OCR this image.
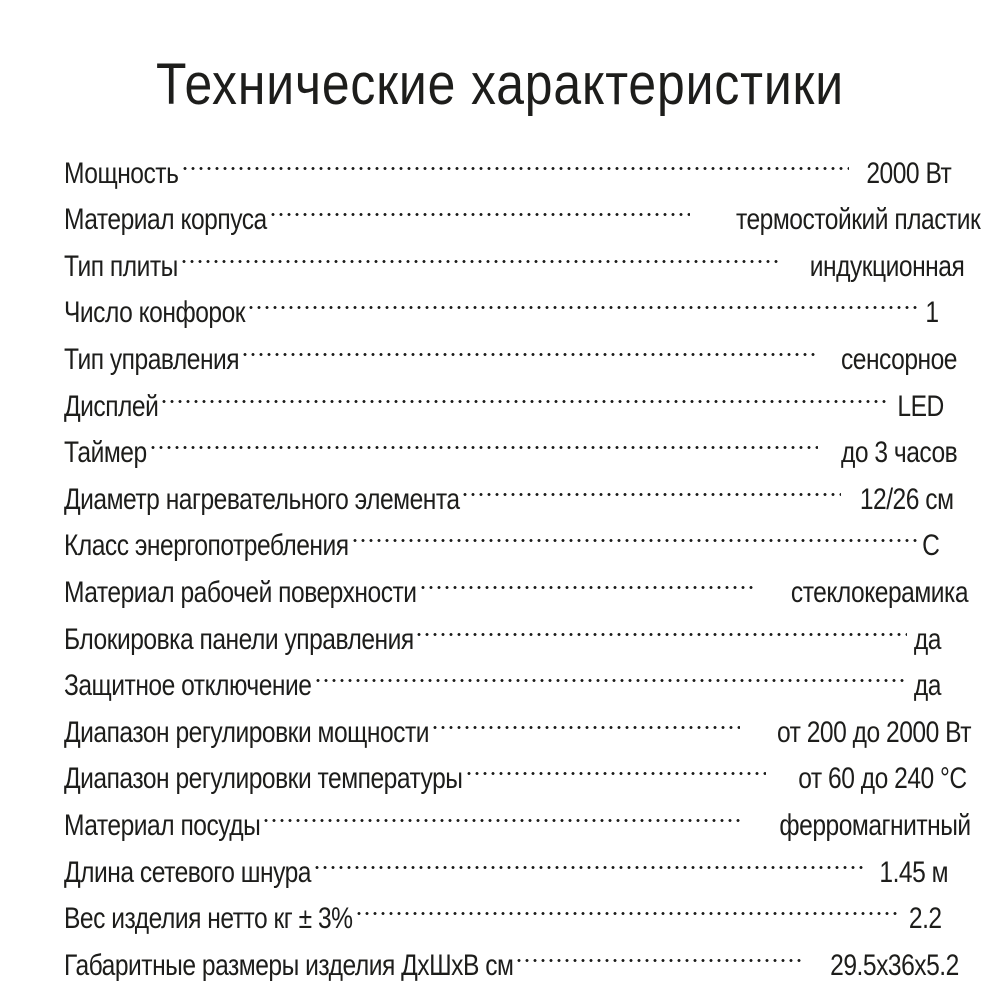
Технические характеристики
Мощность	2000 Вт
Материал корпуса	термостойкий пластик
Тип плиты	индукционная
Число конфорок	1
Тип управления	сенсорное
Дисплей	LED
Таймер	до 3 часов
Диаметр нагревательного элемента	12/26 см
Класс энергопотребления	С
Материал рабочей поверхности	стеклокерамика
Блокировка панели управления	да
Защитное отключение	да
Диапазон регулировки мощности	от 200 до 2000 Вт
Диапазон регулировки температуры	от 60 до 240 °С
Материал посуды	ферромагнитный
Длина сетевого шнура	1.45 м
Вес изделия нетто кг ± 3%	2.2
Габаритные размеры изделия ДхШхВ см	29.5х36х5.2
